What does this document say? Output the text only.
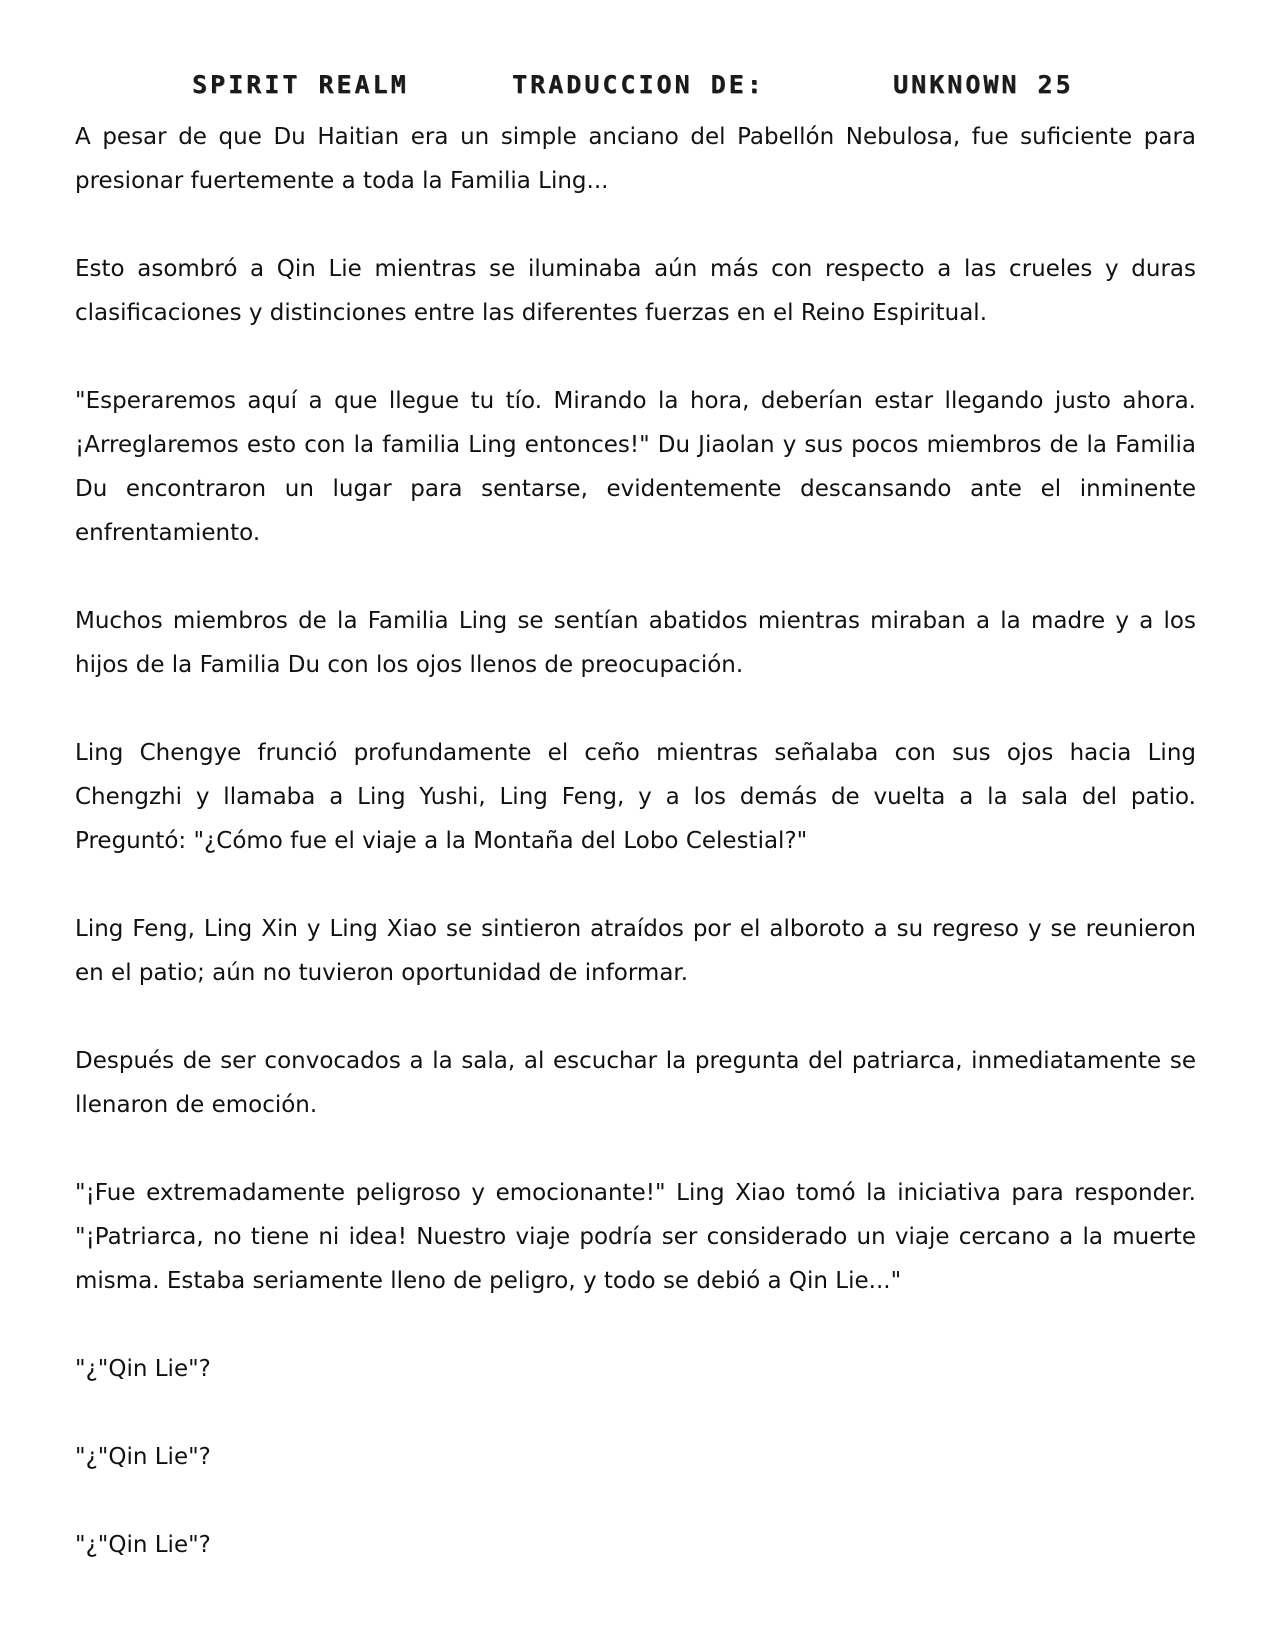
SPIRIT REALM	TRADUCCION DE:	UNKNOWN 25

A pesar de que Du Haitian era un simple anciano del Pabellón Nebulosa, fue suficiente para presionar fuertemente a toda la Familia Ling...

Esto asombró a Qin Lie mientras se iluminaba aún más con respecto a las crueles y duras clasificaciones y distinciones entre las diferentes fuerzas en el Reino Espiritual.

"Esperaremos aquí a que llegue tu tío. Mirando la hora, deberían estar llegando justo ahora. ¡Arreglaremos esto con la familia Ling entonces!" Du Jiaolan y sus pocos miembros de la Familia Du encontraron un lugar para sentarse, evidentemente descansando ante el inminente enfrentamiento.

Muchos miembros de la Familia Ling se sentían abatidos mientras miraban a la madre y a los hijos de la Familia Du con los ojos llenos de preocupación.

Ling Chengye frunció profundamente el ceño mientras señalaba con sus ojos hacia Ling Chengzhi y llamaba a Ling Yushi, Ling Feng, y a los demás de vuelta a la sala del patio. Preguntó: "¿Cómo fue el viaje a la Montaña del Lobo Celestial?"

Ling Feng, Ling Xin y Ling Xiao se sintieron atraídos por el alboroto a su regreso y se reunieron en el patio; aún no tuvieron oportunidad de informar.

Después de ser convocados a la sala, al escuchar la pregunta del patriarca, inmediatamente se llenaron de emoción.

"¡Fue extremadamente peligroso y emocionante!" Ling Xiao tomó la iniciativa para responder. "¡Patriarca, no tiene ni idea! Nuestro viaje podría ser considerado un viaje cercano a la muerte misma. Estaba seriamente lleno de peligro, y todo se debió a Qin Lie..."

"¿"Qin Lie"?

"¿"Qin Lie"?

"¿"Qin Lie"?
